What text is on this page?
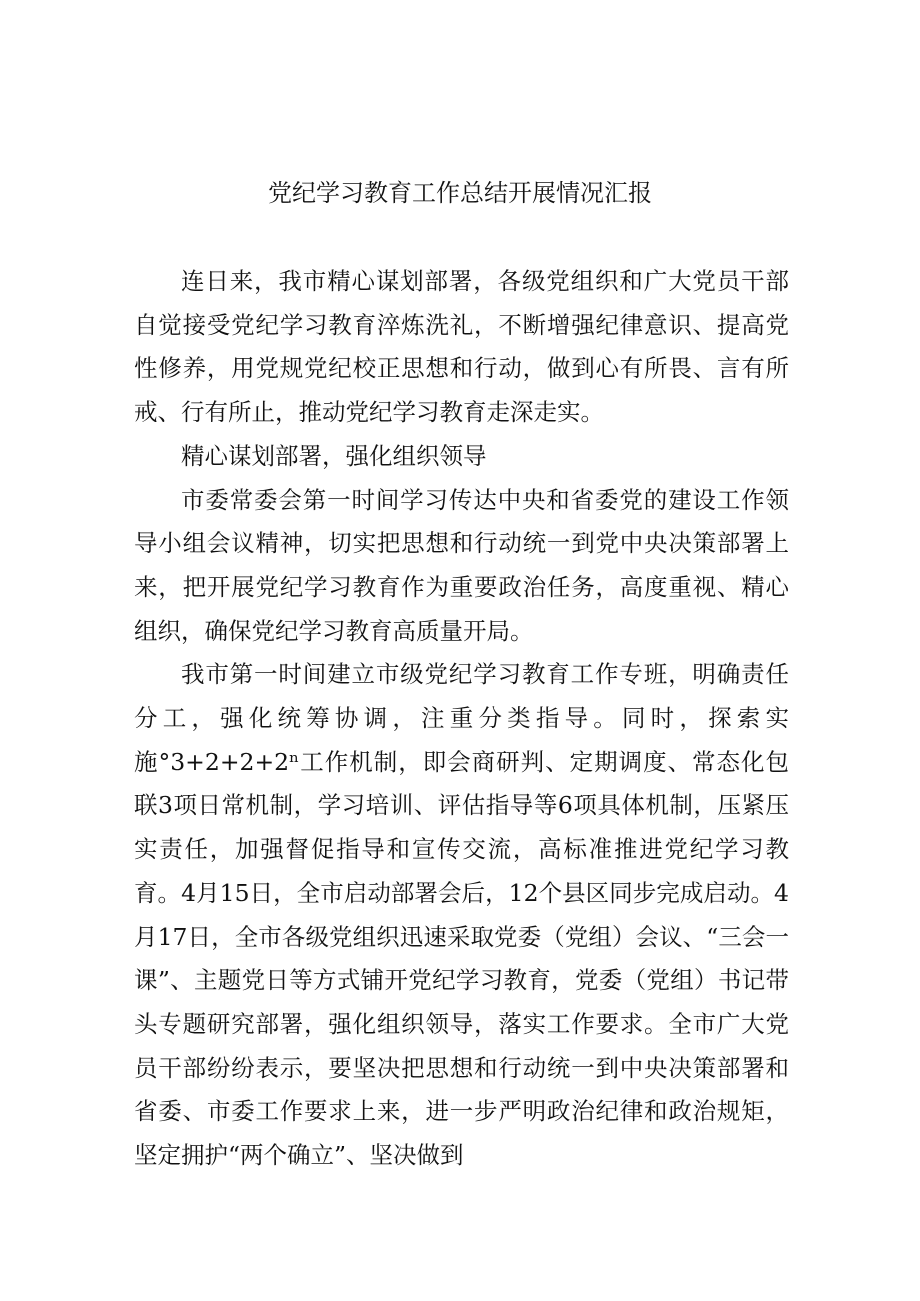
党纪学习教育工作总结开展情况汇报

连日来，我市精心谋划部署，各级党组织和广大党员干部自觉接受党纪学习教育淬炼洗礼，不断增强纪律意识、提高党性修养，用党规党纪校正思想和行动，做到心有所畏、言有所戒、行有所止，推动党纪学习教育走深走实。

精心谋划部署，强化组织领导

市委常委会第一时间学习传达中央和省委党的建设工作领导小组会议精神，切实把思想和行动统一到党中央决策部署上来，把开展党纪学习教育作为重要政治任务，高度重视、精心组织，确保党纪学习教育高质量开局。

我市第一时间建立市级党纪学习教育工作专班，明确责任分工，强化统筹协调，注重分类指导。同时，探索实施°3+2+2+2ⁿ工作机制，即会商研判、定期调度、常态化包联3项日常机制，学习培训、评估指导等6项具体机制，压紧压实责任，加强督促指导和宣传交流，高标准推进党纪学习教育。4月15日，全市启动部署会后，12个县区同步完成启动。4月17日，全市各级党组织迅速采取党委（党组）会议、“三会一课”、主题党日等方式铺开党纪学习教育，党委（党组）书记带头专题研究部署，强化组织领导，落实工作要求。全市广大党员干部纷纷表示，要坚决把思想和行动统一到中央决策部署和省委、市委工作要求上来，进一步严明政治纪律和政治规矩，坚定拥护“两个确立”、坚决做到
